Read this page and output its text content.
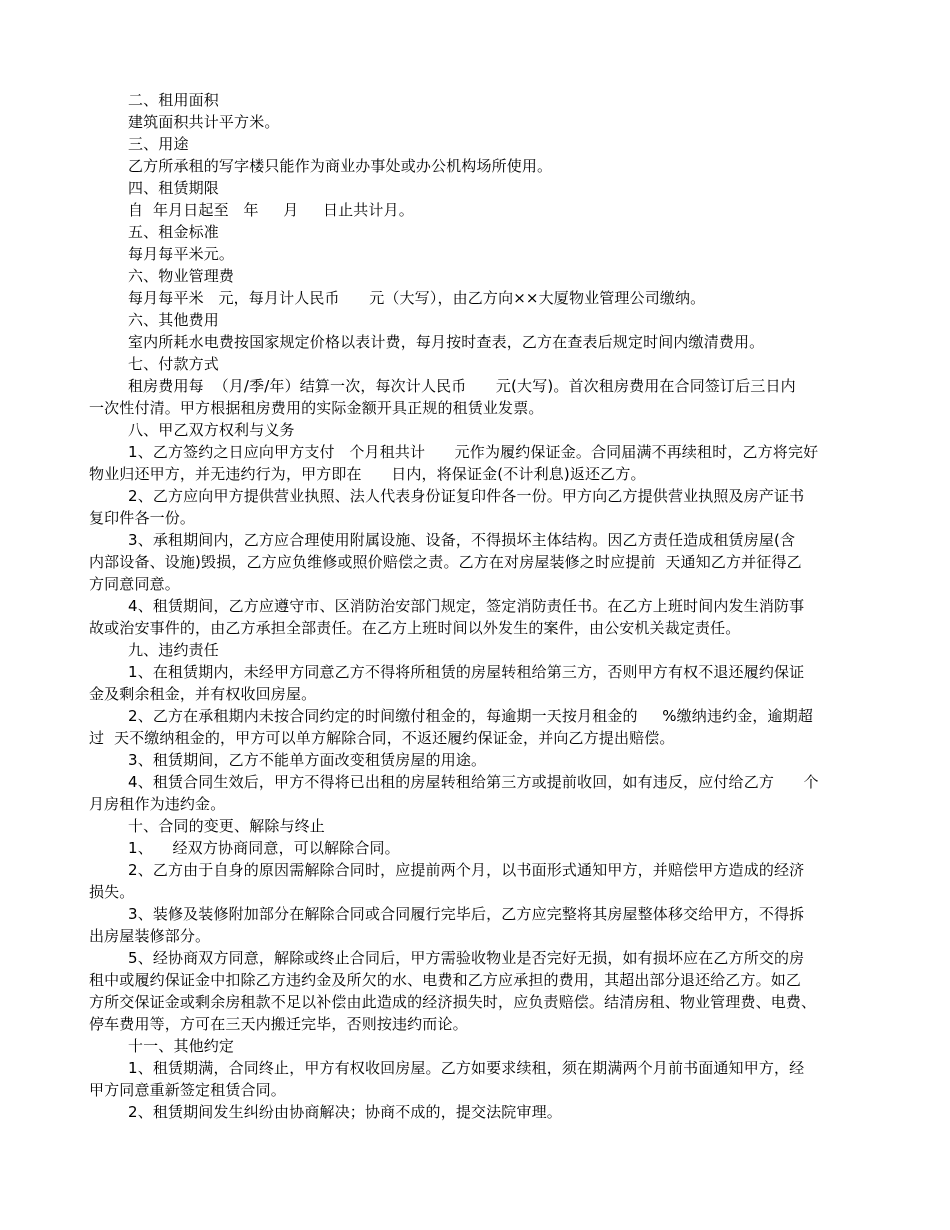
二、租用面积
建筑面积共计平方米。
三、用途
乙方所承租的写字楼只能作为商业办事处或办公机构场所使用。
四、租赁期限
自  年月日起至   年     月     日止共计月。
五、租金标准
每月每平米元。
六、物业管理费
每月每平米   元，每月计人民币      元（大写），由乙方向××大厦物业管理公司缴纳。
六、其他费用
室内所耗水电费按国家规定价格以表计费，每月按时查表，乙方在查表后规定时间内缴清费用。
七、付款方式
租房费用每  （月/季/年）结算一次，每次计人民币      元(大写)。首次租房费用在合同签订后三日内
一次性付清。甲方根据租房费用的实际金额开具正规的租赁业发票。
八、甲乙双方权利与义务
1、乙方签约之日应向甲方支付   个月租共计      元作为履约保证金。合同届满不再续租时，乙方将完好
物业归还甲方，并无违约行为，甲方即在      日内，将保证金(不计利息)返还乙方。
2、乙方应向甲方提供营业执照、法人代表身份证复印件各一份。甲方向乙方提供营业执照及房产证书
复印件各一份。
3、承租期间内，乙方应合理使用附属设施、设备，不得损坏主体结构。因乙方责任造成租赁房屋(含
内部设备、设施)毁损，乙方应负维修或照价赔偿之责。乙方在对房屋装修之时应提前  天通知乙方并征得乙
方同意同意。
4、租赁期间，乙方应遵守市、区消防治安部门规定，签定消防责任书。在乙方上班时间内发生消防事
故或治安事件的，由乙方承担全部责任。在乙方上班时间以外发生的案件，由公安机关裁定责任。
九、违约责任
1、在租赁期内，未经甲方同意乙方不得将所租赁的房屋转租给第三方，否则甲方有权不退还履约保证
金及剩余租金，并有权收回房屋。
2、乙方在承租期内未按合同约定的时间缴付租金的，每逾期一天按月租金的     %缴纳违约金，逾期超
过  天不缴纳租金的，甲方可以单方解除合同，不返还履约保证金，并向乙方提出赔偿。
3、租赁期间，乙方不能单方面改变租赁房屋的用途。
4、租赁合同生效后，甲方不得将已出租的房屋转租给第三方或提前收回，如有违反，应付给乙方      个
月房租作为违约金。
十、合同的变更、解除与终止
1、    经双方协商同意，可以解除合同。
2、乙方由于自身的原因需解除合同时，应提前两个月，以书面形式通知甲方，并赔偿甲方造成的经济
损失。
3、装修及装修附加部分在解除合同或合同履行完毕后，乙方应完整将其房屋整体移交给甲方，不得拆
出房屋装修部分。
5、经协商双方同意，解除或终止合同后，甲方需验收物业是否完好无损，如有损坏应在乙方所交的房
租中或履约保证金中扣除乙方违约金及所欠的水、电费和乙方应承担的费用，其超出部分退还给乙方。如乙
方所交保证金或剩余房租款不足以补偿由此造成的经济损失时，应负责赔偿。结清房租、物业管理费、电费、
停车费用等，方可在三天内搬迁完毕，否则按违约而论。
十一、其他约定
1、租赁期满，合同终止，甲方有权收回房屋。乙方如要求续租，须在期满两个月前书面通知甲方，经
甲方同意重新签定租赁合同。
2、租赁期间发生纠纷由协商解决；协商不成的，提交法院审理。
